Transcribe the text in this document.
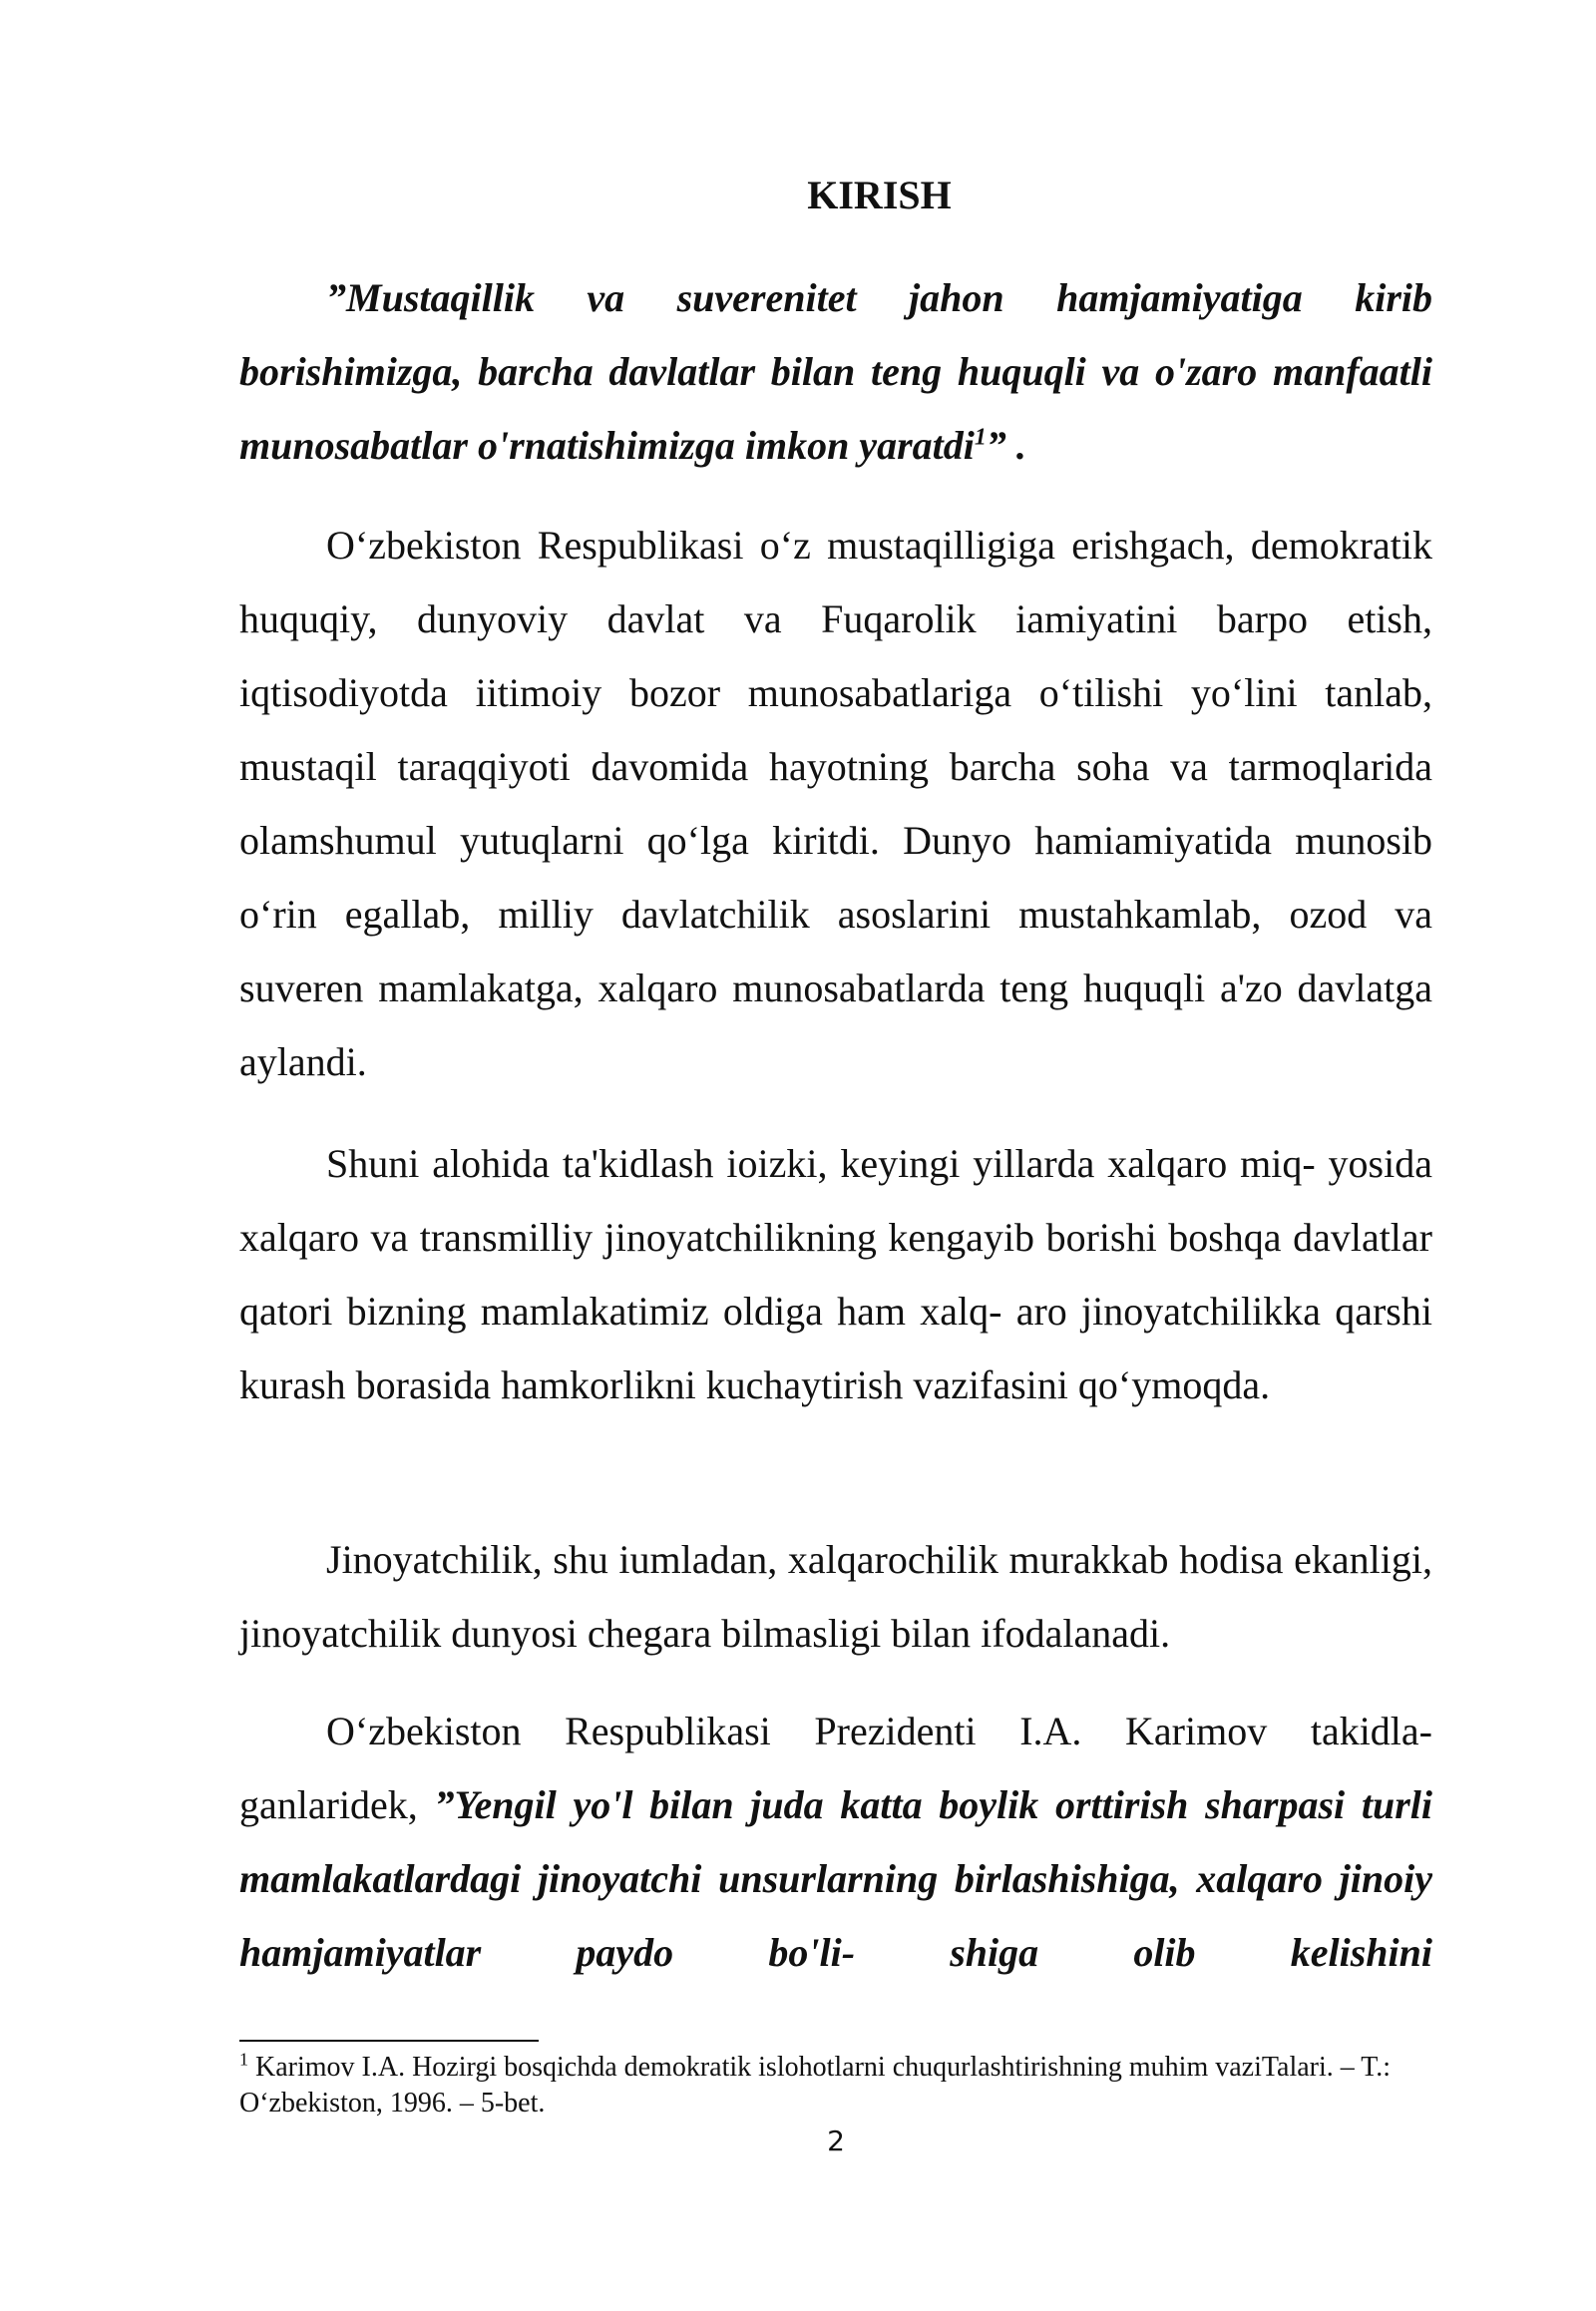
KIRISH

”Mustaqillik va suverenitet jahon hamjamiyatiga kirib borishimizga, barcha davlatlar bilan teng huquqli va o'zaro manfaatli munosabatlar o'rnatishimizga imkon yaratdi$^1$” .

O‘zbekiston Respublikasi o‘z mustaqilligiga erishgach, demokratik huquqiy, dunyoviy davlat va Fuqarolik iamiyatini barpo etish, iqtisodiyotda iitimoiy bozor munosabatlariga o‘tilishi yo‘lini tanlab, mustaqil taraqqiyoti davomida hayotning barcha soha va tarmoqlarida olamshumul yutuqlarni qo‘lga kiritdi. Dunyo hamiamiyatida munosib o‘rin egallab, milliy davlatchilik asoslarini mustahkamlab, ozod va suveren mamlakatga, xalqaro munosabatlarda teng huquqli a'zo davlatga aylandi.

Shuni alohida ta'kidlash ioizki, keyingi yillarda xalqaro miq- yosida xalqaro va transmilliy jinoyatchilikning kengayib borishi boshqa davlatlar qatori bizning mamlakatimiz oldiga ham xalq- aro jinoyatchilikka qarshi kurash borasida hamkorlikni kuchaytirish vazifasini qo‘ymoqda.

Jinoyatchilik, shu iumladan, xalqarochilik murakkab hodisa ekanligi, jinoyatchilik dunyosi chegara bilmasligi bilan ifodalanadi.

O‘zbekiston Respublikasi Prezidenti I.A. Karimov takidla- ganlaridek, ”Yengil yo'l bilan juda katta boylik orttirish sharpasi turli mamlakatlardagi jinoyatchi unsurlarning birlashishiga, xalqaro jinoiy hamjamiyatlar paydo bo'li- shiga olib kelishini

$^1$ Karimov I.A. Hozirgi bosqichda demokratik islohotlarni chuqurlashtirishning muhim vaziTalari. – T.: O‘zbekiston, 1996. – 5-bet.

2
